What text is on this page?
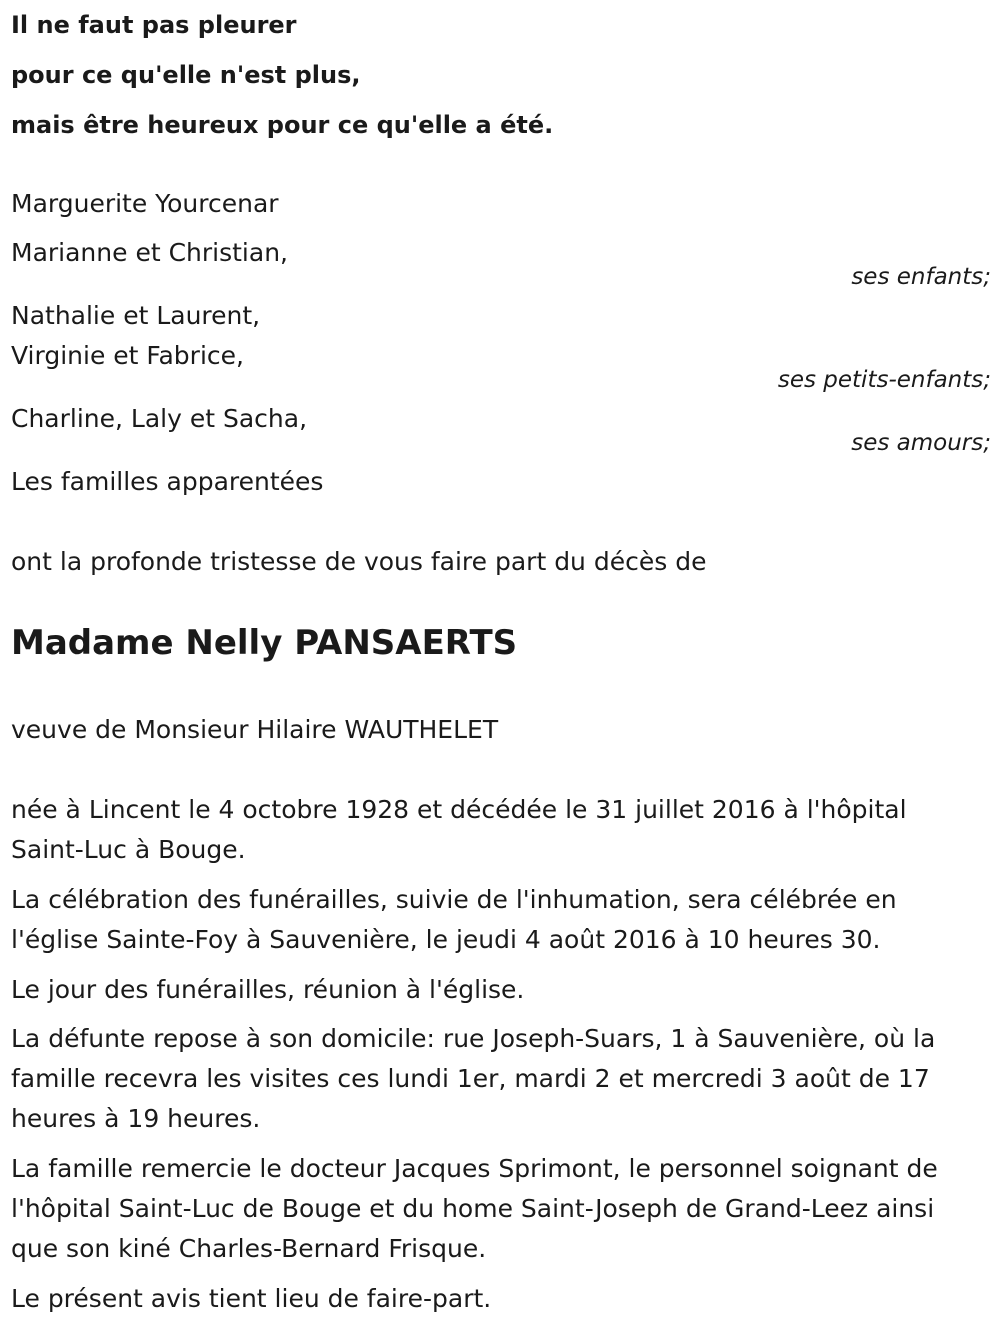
Il ne faut pas pleurer
pour ce qu'elle n'est plus,
mais être heureux pour ce qu'elle a été.
Marguerite Yourcenar
Marianne et Christian,
ses enfants;
Nathalie et Laurent,
Virginie et Fabrice,
ses petits-enfants;
Charline, Laly et Sacha,
ses amours;
Les familles apparentées
ont la profonde tristesse de vous faire part du décès de
Madame Nelly PANSAERTS
veuve de Monsieur Hilaire WAUTHELET
née à Lincent le 4 octobre 1928 et décédée le 31 juillet 2016 à l'hôpital Saint-Luc à Bouge.
La célébration des funérailles, suivie de l'inhumation, sera célébrée en l'église Sainte-Foy à Sauvenière, le jeudi 4 août 2016 à 10 heures 30.
Le jour des funérailles, réunion à l'église.
La défunte repose à son domicile: rue Joseph-Suars, 1 à Sauvenière, où la famille recevra les visites ces lundi 1er, mardi 2 et mercredi 3 août de 17 heures à 19 heures.
La famille remercie le docteur Jacques Sprimont, le personnel soignant de l'hôpital Saint-Luc de Bouge et du home Saint-Joseph de Grand-Leez ainsi que son kiné Charles-Bernard Frisque.
Le présent avis tient lieu de faire-part.
